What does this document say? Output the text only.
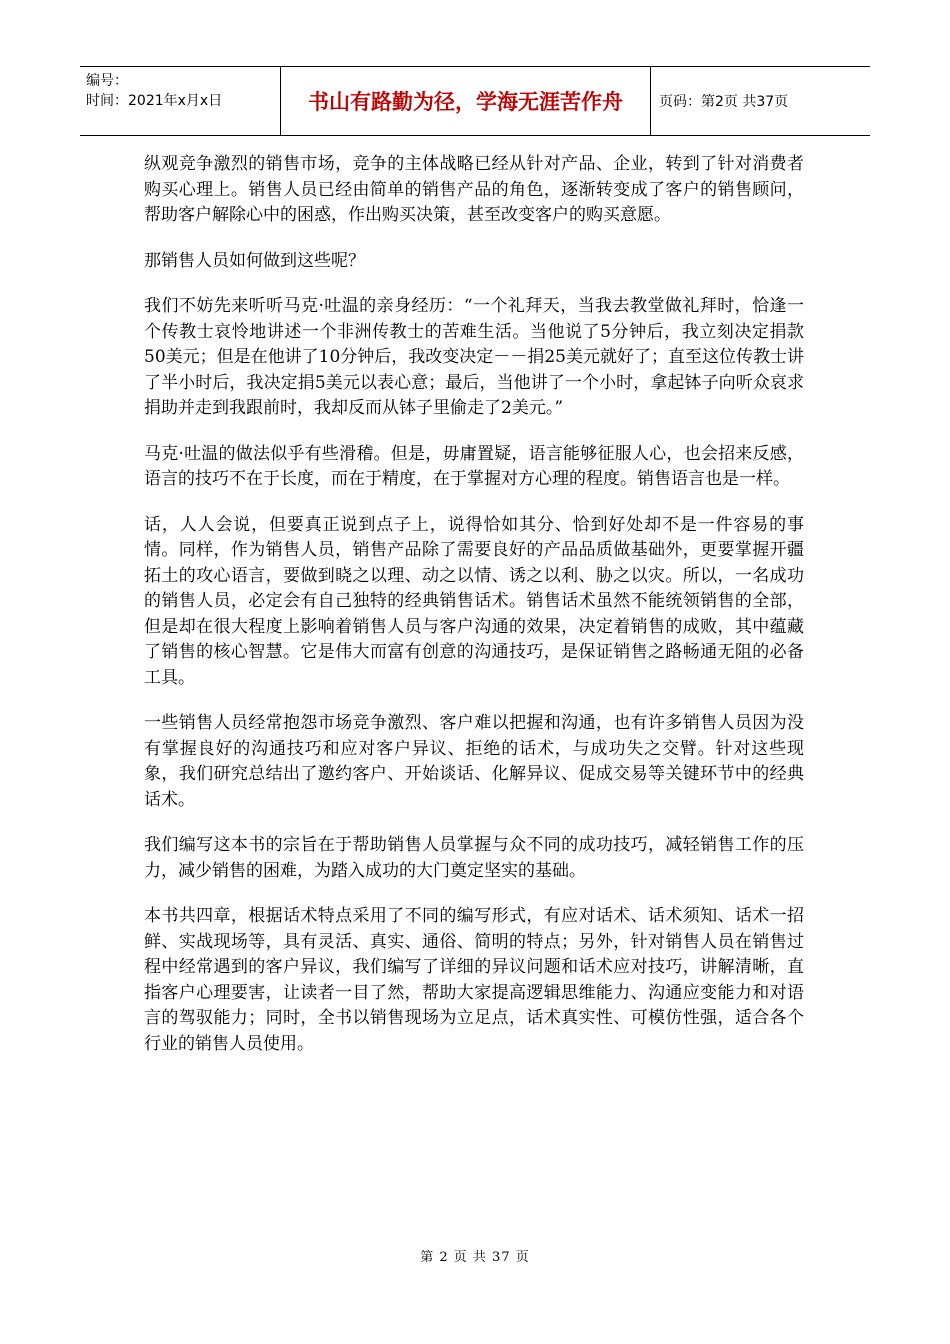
编号：
时间：2021年x月x日	书山有路勤为径，学海无涯苦作舟	页码：第2页 共37页

纵观竞争激烈的销售市场，竞争的主体战略已经从针对产品、企业，转到了针对消费者购买心理上。销售人员已经由简单的销售产品的角色，逐渐转变成了客户的销售顾问，帮助客户解除心中的困惑，作出购买决策，甚至改变客户的购买意愿。

那销售人员如何做到这些呢？

我们不妨先来听听马克·吐温的亲身经历：“一个礼拜天，当我去教堂做礼拜时，恰逢一个传教士哀怜地讲述一个非洲传教士的苦难生活。当他说了5分钟后，我立刻决定捐款50美元；但是在他讲了10分钟后，我改变决定－－捐25美元就好了；直至这位传教士讲了半小时后，我决定捐5美元以表心意；最后，当他讲了一个小时，拿起钵子向听众哀求捐助并走到我跟前时，我却反而从钵子里偷走了2美元。”

马克·吐温的做法似乎有些滑稽。但是，毋庸置疑，语言能够征服人心，也会招来反感，语言的技巧不在于长度，而在于精度，在于掌握对方心理的程度。销售语言也是一样。

话，人人会说，但要真正说到点子上，说得恰如其分、恰到好处却不是一件容易的事情。同样，作为销售人员，销售产品除了需要良好的产品品质做基础外，更要掌握开疆拓土的攻心语言，要做到晓之以理、动之以情、诱之以利、胁之以灾。所以，一名成功的销售人员，必定会有自己独特的经典销售话术。销售话术虽然不能统领销售的全部，但是却在很大程度上影响着销售人员与客户沟通的效果，决定着销售的成败，其中蕴藏了销售的核心智慧。它是伟大而富有创意的沟通技巧，是保证销售之路畅通无阻的必备工具。

一些销售人员经常抱怨市场竞争激烈、客户难以把握和沟通，也有许多销售人员因为没有掌握良好的沟通技巧和应对客户异议、拒绝的话术，与成功失之交臂。针对这些现象，我们研究总结出了邀约客户、开始谈话、化解异议、促成交易等关键环节中的经典话术。

我们编写这本书的宗旨在于帮助销售人员掌握与众不同的成功技巧，减轻销售工作的压力，减少销售的困难，为踏入成功的大门奠定坚实的基础。

本书共四章，根据话术特点采用了不同的编写形式，有应对话术、话术须知、话术一招鲜、实战现场等，具有灵活、真实、通俗、简明的特点；另外，针对销售人员在销售过程中经常遇到的客户异议，我们编写了详细的异议问题和话术应对技巧，讲解清晰，直指客户心理要害，让读者一目了然，帮助大家提高逻辑思维能力、沟通应变能力和对语言的驾驭能力；同时，全书以销售现场为立足点，话术真实性、可模仿性强，适合各个行业的销售人员使用。

第 2 页 共 37 页
